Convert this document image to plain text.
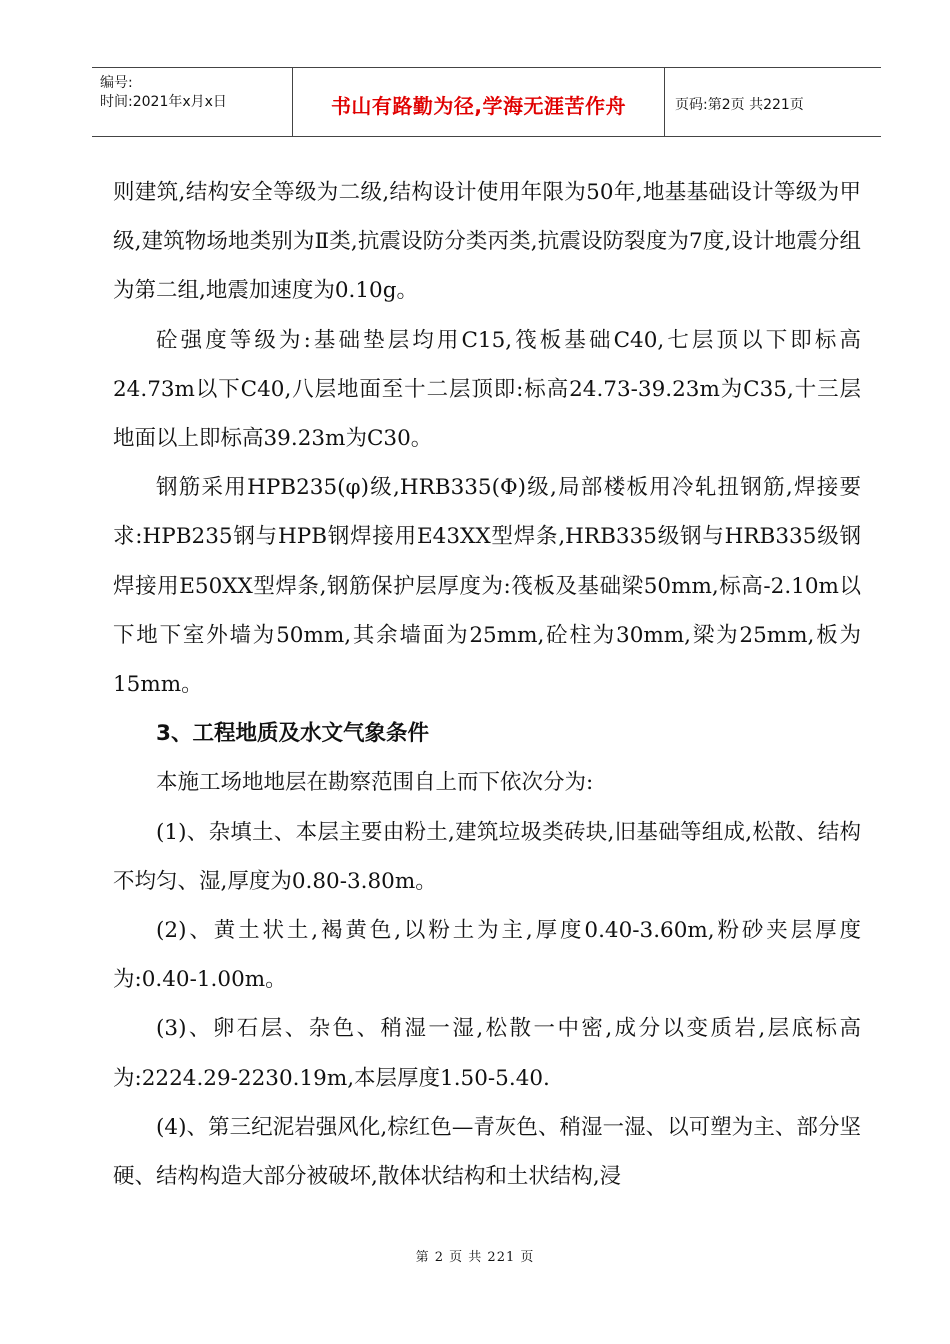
编号:
时间:2021年x月x日	书山有路勤为径,学海无涯苦作舟	页码:第2页 共221页

则建筑,结构安全等级为二级,结构设计使用年限为50年,地基基础设计等级为甲级,建筑物场地类别为Ⅱ类,抗震设防分类丙类,抗震设防裂度为7度,设计地震分组为第二组,地震加速度为0.10g。

砼强度等级为:基础垫层均用C15,筏板基础C40,七层顶以下即标高24.73m以下C40,八层地面至十二层顶即:标高24.73-39.23m为C35,十三层地面以上即标高39.23m为C30。

钢筋采用HPB235(φ)级,HRB335(Φ)级,局部楼板用冷轧扭钢筋,焊接要求:HPB235钢与HPB钢焊接用E43XX型焊条,HRB335级钢与HRB335级钢焊接用E50XX型焊条,钢筋保护层厚度为:筏板及基础梁50mm,标高-2.10m以下地下室外墙为50mm,其余墙面为25mm,砼柱为30mm,梁为25mm,板为15mm。

3、工程地质及水文气象条件

本施工场地地层在勘察范围自上而下依次分为:

(1)、杂填土、本层主要由粉土,建筑垃圾类砖块,旧基础等组成,松散、结构不均匀、湿,厚度为0.80-3.80m。

(2)、黄土状土,褐黄色,以粉土为主,厚度0.40-3.60m,粉砂夹层厚度为:0.40-1.00m。

(3)、卵石层、杂色、稍湿一湿,松散一中密,成分以变质岩,层底标高为:2224.29-2230.19m,本层厚度1.50-5.40.

(4)、第三纪泥岩强风化,棕红色—青灰色、稍湿一湿、以可塑为主、部分坚硬、结构构造大部分被破坏,散体状结构和土状结构,浸

第 2 页 共 221 页
